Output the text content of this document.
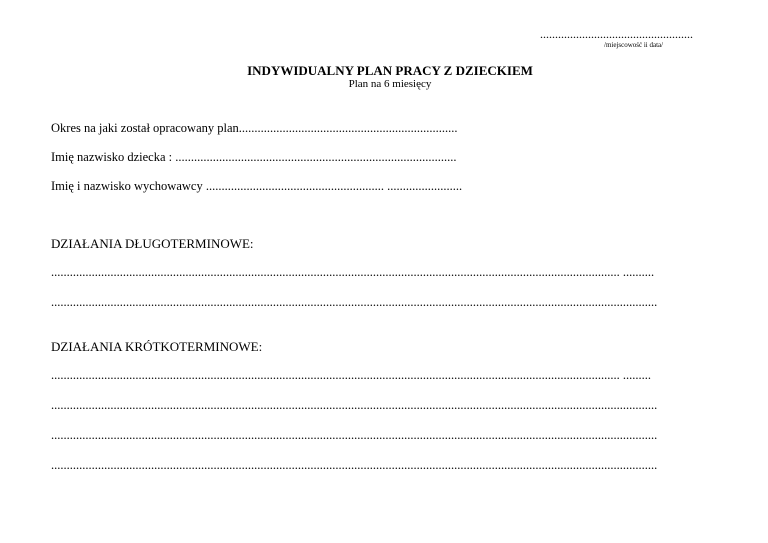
...................................................
/miejscowość ii data/
INDYWIDUALNY PLAN PRACY Z DZIECKIEM
Plan na 6 miesięcy
Okres na jaki został opracowany plan......................................................................
Imię nazwisko dziecka : ..........................................................................................
Imię i nazwisko wychowawcy ......................................................... ........................
DZIAŁANIA DŁUGOTERMINOWE:
...................................................................................................................................................................................... ..........
..................................................................................................................................................................................................
DZIAŁANIA KRÓTKOTERMINOWE:
...................................................................................................................................................................................... .........
..................................................................................................................................................................................................
..................................................................................................................................................................................................
..................................................................................................................................................................................................
